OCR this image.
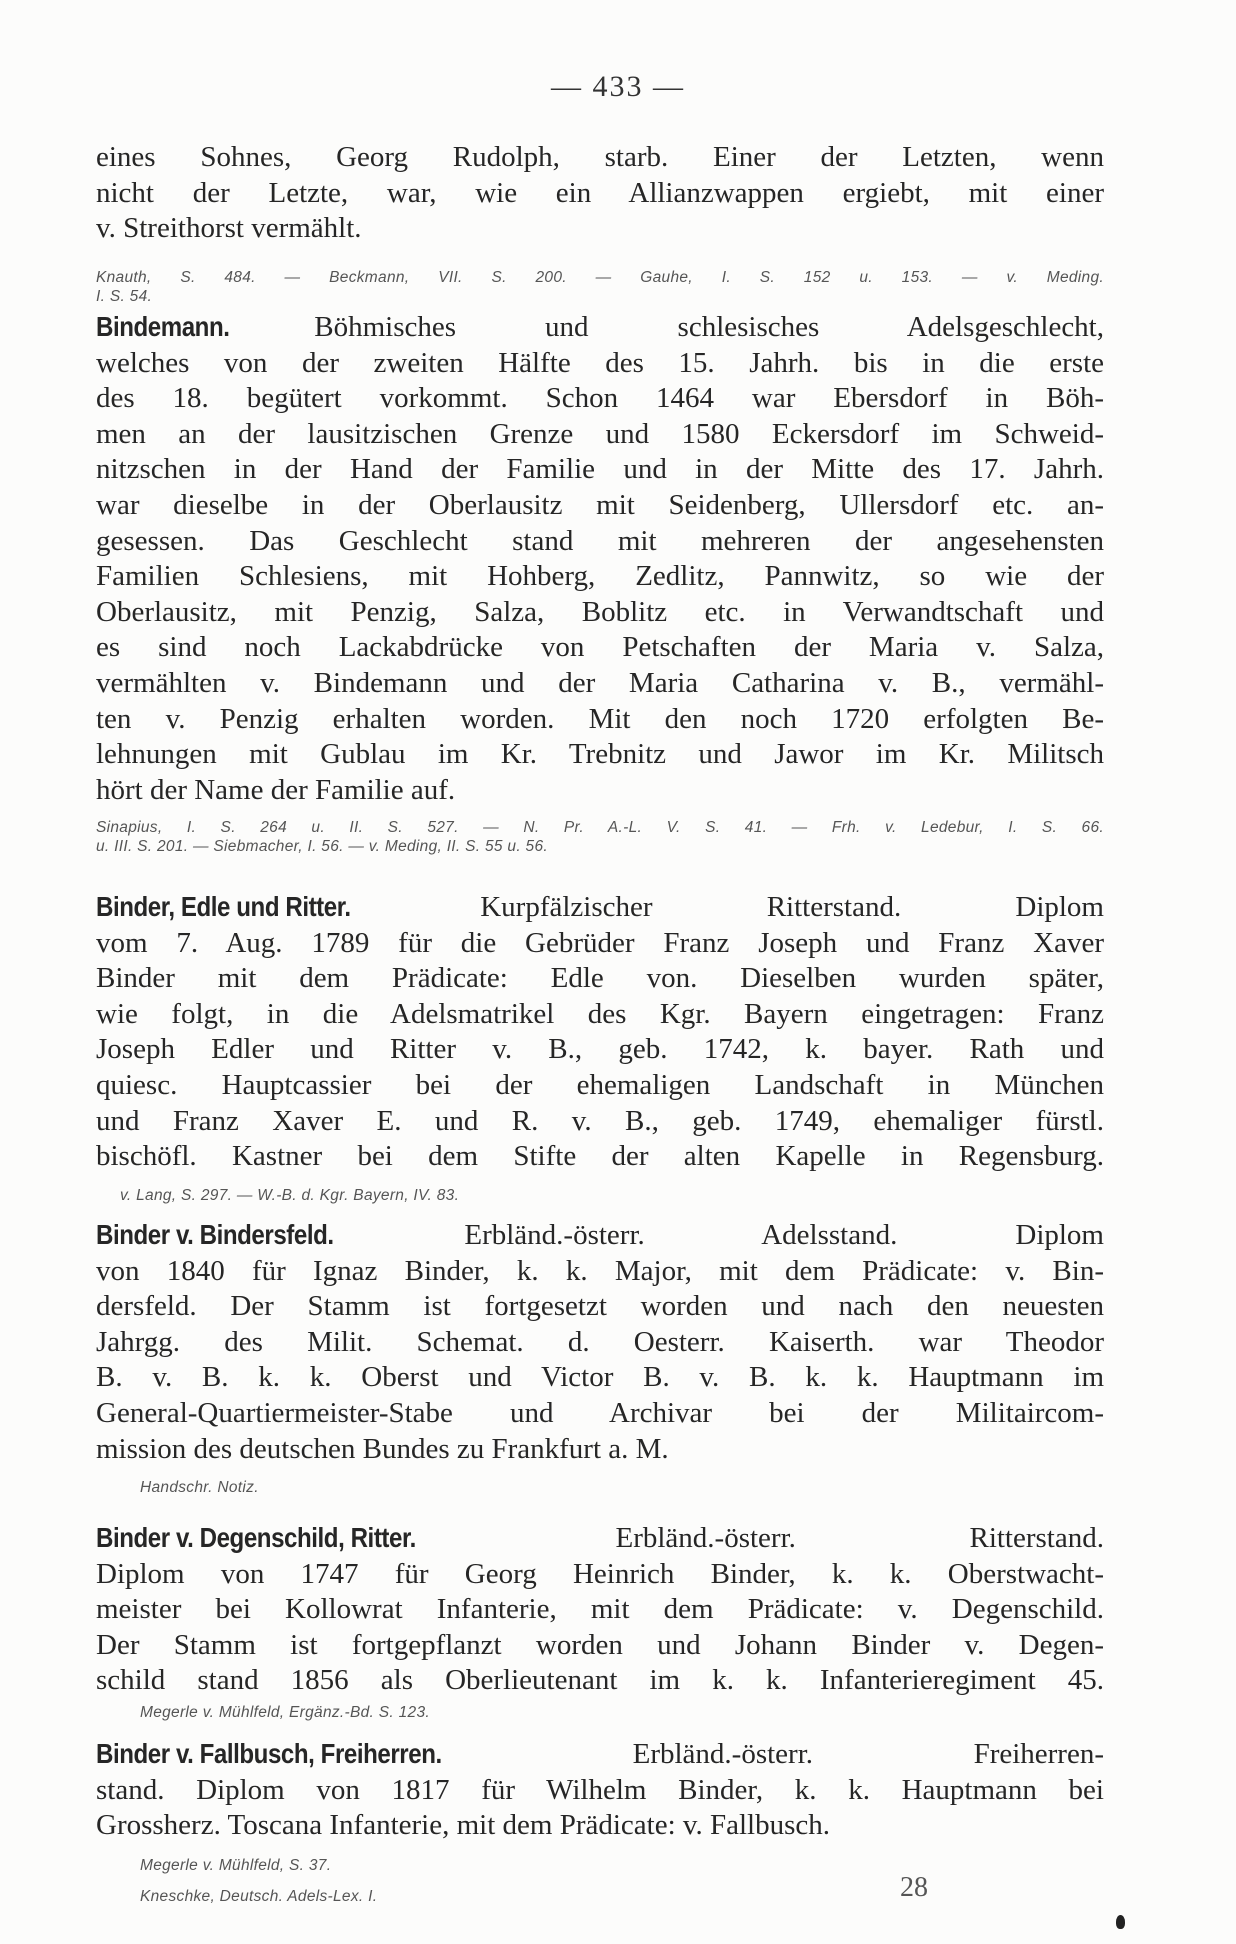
— 433 —
eines Sohnes, Georg Rudolph, starb. Einer der Letzten, wenn
nicht der Letzte, war, wie ein Allianzwappen ergiebt, mit einer
v. Streithorst vermählt.
Knauth, S. 484. — Beckmann, VII. S. 200. — Gauhe, I. S. 152 u. 153. — v. Meding.
I. S. 54.
Bindemann.	Böhmisches und schlesisches Adelsgeschlecht,
welches von der zweiten Hälfte des 15. Jahrh. bis in die erste
des 18. begütert vorkommt. Schon 1464 war Ebersdorf in Böh-
men an der lausitzischen Grenze und 1580 Eckersdorf im Schweid-
nitzschen in der Hand der Familie und in der Mitte des 17. Jahrh.
war dieselbe in der Oberlausitz mit Seidenberg, Ullersdorf etc. an-
gesessen. Das Geschlecht stand mit mehreren der angesehensten
Familien Schlesiens, mit Hohberg, Zedlitz, Pannwitz, so wie der
Oberlausitz, mit Penzig, Salza, Boblitz etc. in Verwandtschaft und
es sind noch Lackabdrücke von Petschaften der Maria v. Salza,
vermählten v. Bindemann und der Maria Catharina v. B., vermähl-
ten v. Penzig erhalten worden. Mit den noch 1720 erfolgten Be-
lehnungen mit Gublau im Kr. Trebnitz und Jawor im Kr. Militsch
hört der Name der Familie auf.
Sinapius, I. S. 264 u. II. S. 527. — N. Pr. A.-L. V. S. 41. — Frh. v. Ledebur, I. S. 66.
u. III. S. 201. — Siebmacher, I. 56. — v. Meding, II. S. 55 u. 56.
Binder, Edle und Ritter.	Kurpfälzischer Ritterstand. Diplom
vom 7. Aug. 1789 für die Gebrüder Franz Joseph und Franz Xaver
Binder mit dem Prädicate: Edle von. Dieselben wurden später,
wie folgt, in die Adelsmatrikel des Kgr. Bayern eingetragen: Franz
Joseph Edler und Ritter v. B., geb. 1742, k. bayer. Rath und
quiesc. Hauptcassier bei der ehemaligen Landschaft in München
und Franz Xaver E. und R. v. B., geb. 1749, ehemaliger fürstl.
bischöfl. Kastner bei dem Stifte der alten Kapelle in Regensburg.
v. Lang, S. 297. — W.-B. d. Kgr. Bayern, IV. 83.
Binder v. Bindersfeld.	Erbländ.-österr. Adelsstand. Diplom
von 1840 für Ignaz Binder, k. k. Major, mit dem Prädicate: v. Bin-
dersfeld. Der Stamm ist fortgesetzt worden und nach den neuesten
Jahrgg. des Milit. Schemat. d. Oesterr. Kaiserth. war Theodor
B. v. B. k. k. Oberst und Victor B. v. B. k. k. Hauptmann im
General-Quartiermeister-Stabe und Archivar bei der Militaircom-
mission des deutschen Bundes zu Frankfurt a. M.
Handschr. Notiz.
Binder v. Degenschild, Ritter.	Erbländ.-österr. Ritterstand.
Diplom von 1747 für Georg Heinrich Binder, k. k. Oberstwacht-
meister bei Kollowrat Infanterie, mit dem Prädicate: v. Degenschild.
Der Stamm ist fortgepflanzt worden und Johann Binder v. Degen-
schild stand 1856 als Oberlieutenant im k. k. Infanterieregiment 45.
Megerle v. Mühlfeld, Ergänz.-Bd. S. 123.
Binder v. Fallbusch, Freiherren.	Erbländ.-österr. Freiherren-
stand. Diplom von 1817 für Wilhelm Binder, k. k. Hauptmann bei
Grossherz. Toscana Infanterie, mit dem Prädicate: v. Fallbusch.
Megerle v. Mühlfeld, S. 37.
Kneschke, Deutsch. Adels-Lex. I.	28
